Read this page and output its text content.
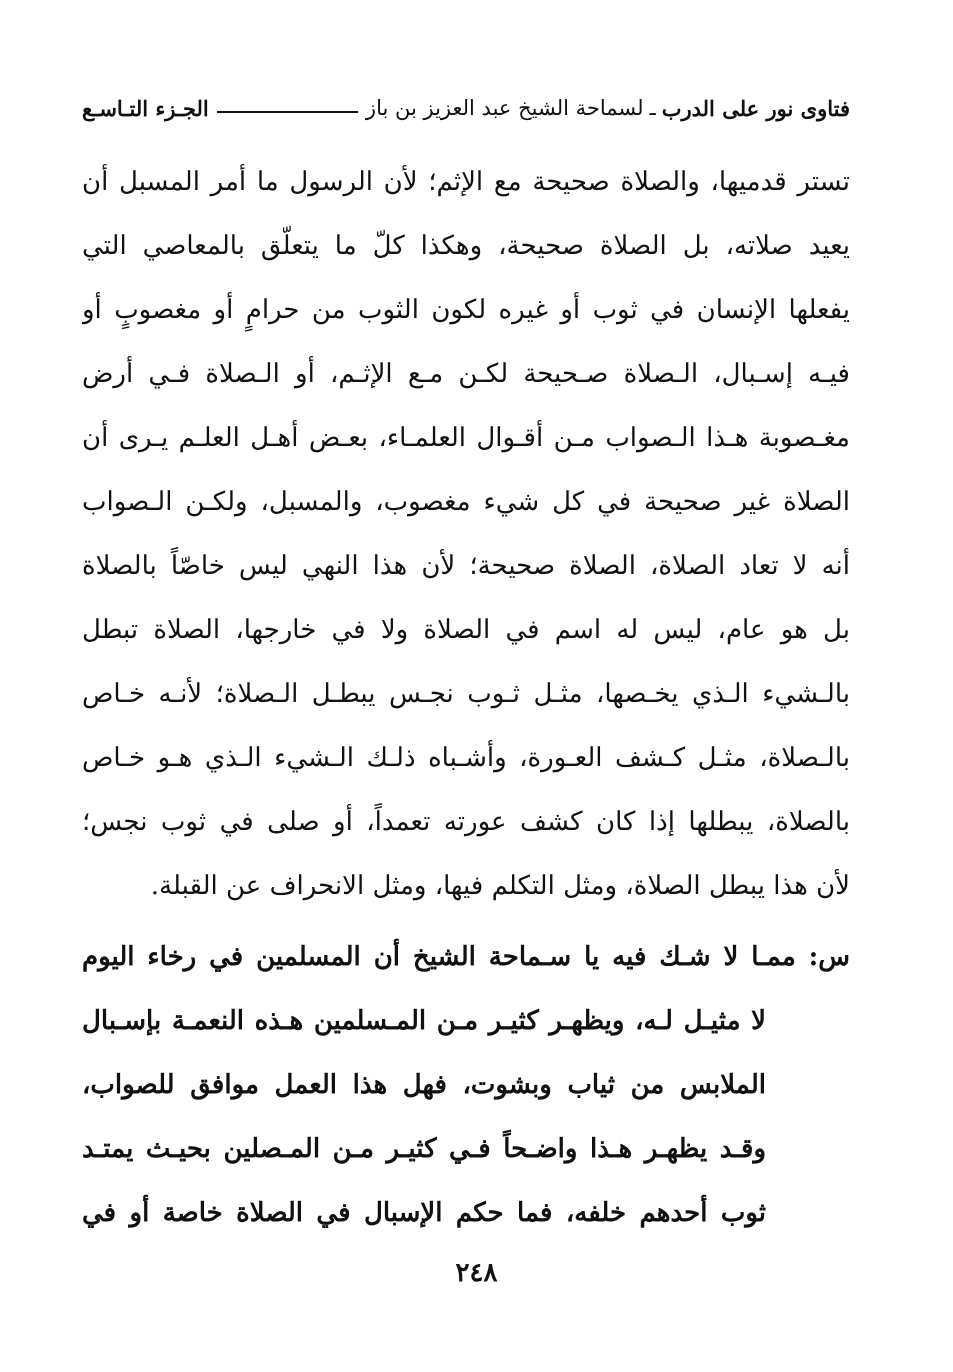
فتاوى نور على الدرب
ـ
لسماحة الشيخ عبد العزيز بن باز
الجـزء التـاسـع
تستر قدميها، والصلاة صحيحة مع الإثم؛ لأن الرسول ما أمر المسبل أن
يعيد صلاته، بل الصلاة صحيحة، وهكذا كلّ ما يتعلّق بالمعاصي التي
يفعلها الإنسان في ثوب أو غيره لكون الثوب من حرامٍ أو مغصوبٍ أو
فيـه إسـبال، الـصلاة صـحيحة لكـن مـع الإثـم، أو الـصلاة فـي أرض
مغـصوبة هـذا الـصواب مـن أقـوال العلمـاء، بعـض أهـل العلـم يـرى أن
الصلاة غير صحيحة في كل شيء مغصوب، والمسبل، ولكـن الـصواب
أنه لا تعاد الصلاة، الصلاة صحيحة؛ لأن هذا النهي ليس خاصّاً بالصلاة
بل هو عام، ليس له اسم في الصلاة ولا في خارجها، الصلاة تبطل
بالـشيء الـذي يخـصها، مثـل ثـوب نجـس يبطـل الـصلاة؛ لأنـه خـاص
بالـصلاة، مثـل كـشف العـورة، وأشـباه ذلـك الـشيء الـذي هـو خـاص
بالصلاة، يبطلها إذا كان كشف عورته تعمداً، أو صلى في ثوب نجس؛
لأن هذا يبطل الصلاة، ومثل التكلم فيها، ومثل الانحراف عن القبلة.
س: ممـا لا شـك فيه يا سـماحة الشيخ أن المسلمين في رخاء اليوم
لا مثيـل لـه، ويظهـر كثيـر مـن المـسلمين هـذه النعمـة بإسـبال
الملابس من ثياب وبشوت، فهل هذا العمل موافق للصواب،
وقـد يظهـر هـذا واضـحاً فـي كثيـر مـن المـصلين بحيـث يمتـد
ثوب أحدهم خلفه، فما حكم الإسبال في الصلاة خاصة أو في
٢٤٨
